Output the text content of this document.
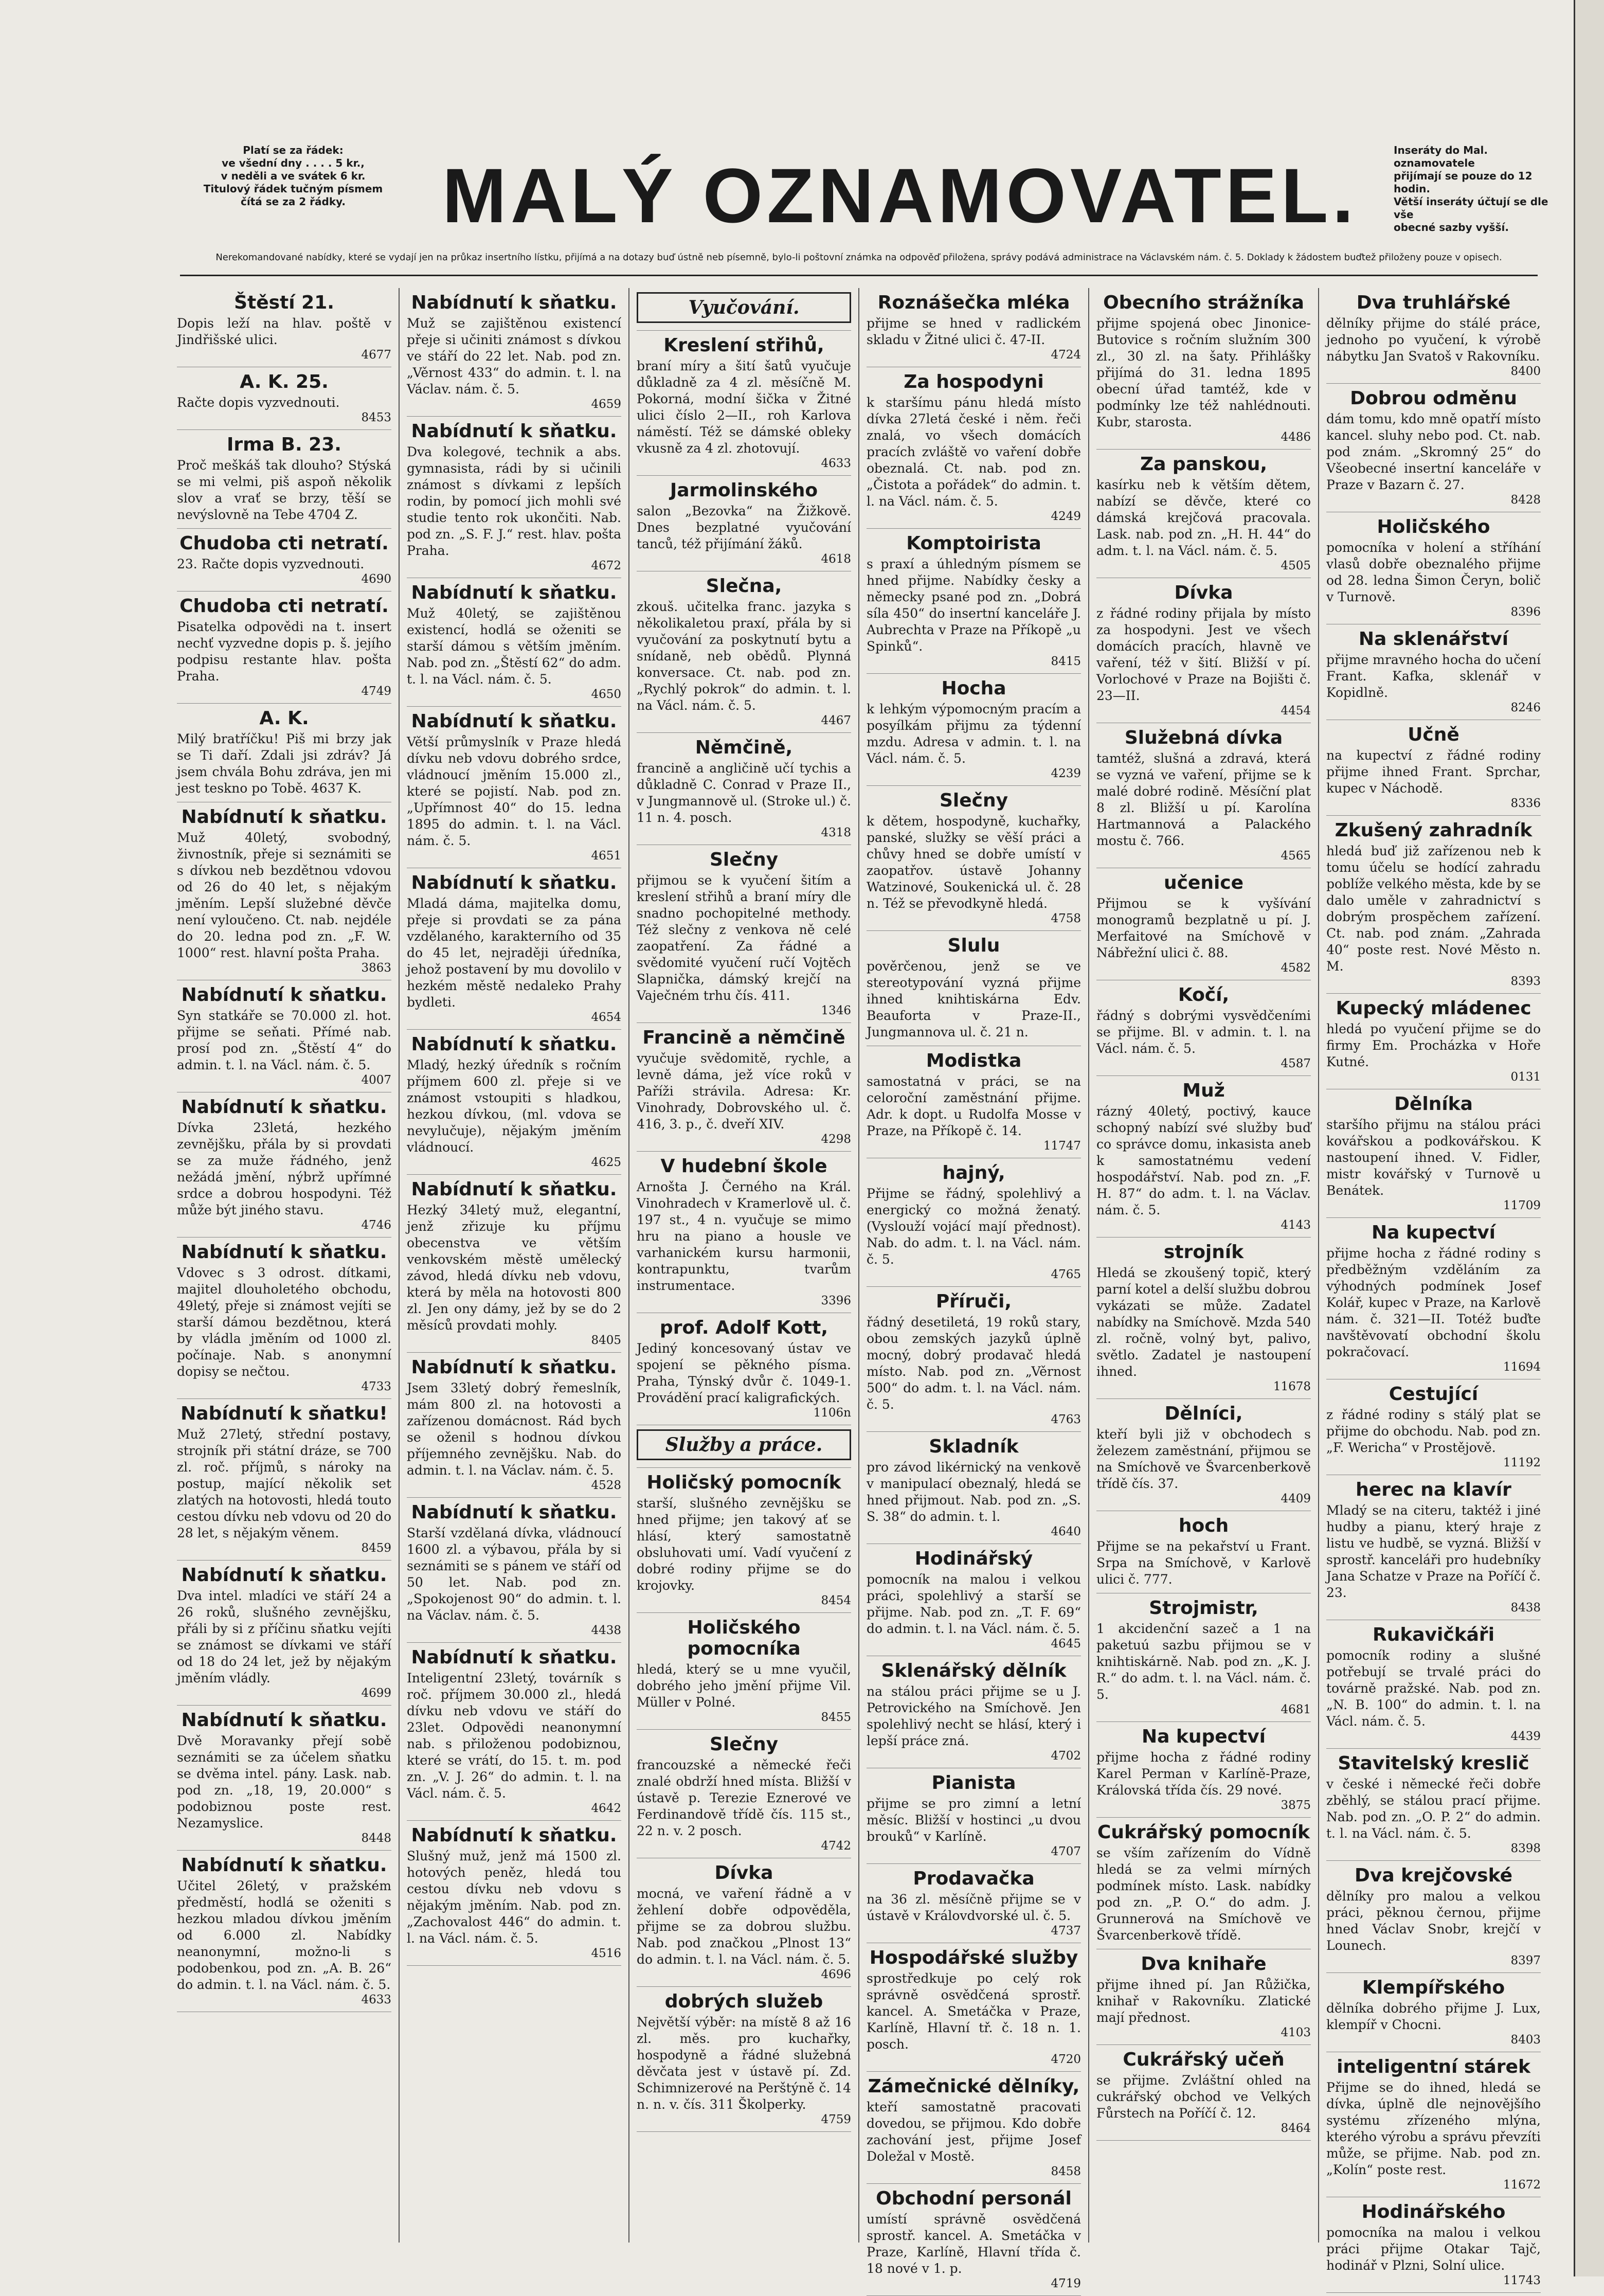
Platí se za řádek:
ve všední dny . . . . 5 kr.,
v neděli a ve svátek 6 kr.
Titulový řádek tučným písmem
čítá se za 2 řádky.	MALÝ OZNAMOVATEL.
Inseráty do Mal. oznamovatele
přijímají se pouze do 12 hodin.
Větší inseráty účtují se dle vše
obecné sazby vyšší.
Nerekomandované nabídky, které se vydají jen na průkaz insertního lístku, přijímá a na dotazy buď ústně neb písemně, bylo-li poštovní známka na odpověď přiložena, správy podává administrace na Václavském nám. č. 5. Doklady k žádostem buďtež přiloženy pouze v opisech.
Štěstí 21.

Dopis leží na hlav. poště v Jindřišské ulici.

4677
A. K. 25.

Račte dopis vyzvednouti.

8453
Irma B. 23.

Proč meškáš tak dlouho? Stýská se mi velmi, piš aspoň několik slov a vrať se brzy, těší se nevýslovně na Tebe 4704 Z.

Chudoba cti netratí.

23. Račte dopis vyzvednouti.

4690
Chudoba cti netratí.

Pisatelka odpovědi na t. insert nechť vyzvedne dopis p. š. jejího podpisu restante hlav. pošta Praha.

4749
A. K.

Milý bratříčku! Piš mi brzy jak se Ti daří. Zdali jsi zdráv? Já jsem chvála Bohu zdráva, jen mi jest teskno po Tobě. 4637 K.

Nabídnutí k sňatku.

Muž 40letý, svobodný, živnostník, přeje si seznámiti se s dívkou neb bezdětnou vdovou od 26 do 40 let, s nějakým jměním. Lepší služebné děvče není vyloučeno. Ct. nab. nejdéle do 20. ledna pod zn. „F. W. 1000“ rest. hlavní pošta Praha.

3863
Nabídnutí k sňatku.

Syn statkáře se 70.000 zl. hot. přijme se seňati. Přímé nab. prosí pod zn. „Štěstí 4“ do admin. t. l. na Václ. nám. č. 5.

4007
Nabídnutí k sňatku.

Dívka 23letá, hezkého zevnějšku, přála by si provdati se za muže řádného, jenž nežádá jmění, nýbrž upřímné srdce a dobrou hospodyni. Též může být jiného stavu.

4746
Nabídnutí k sňatku.

Vdovec s 3 odrost. dítkami, majitel dlouholetého obchodu, 49letý, přeje si známost vejíti se starší dámou bezdětnou, která by vládla jměním od 1000 zl. počínaje. Nab. s anonymní dopisy se nečtou.

4733
Nabídnutí k sňatku!

Muž 27letý, střední postavy, strojník při státní dráze, se 700 zl. roč. příjmů, s nároky na postup, mající několik set zlatých na hotovosti, hledá touto cestou dívku neb vdovu od 20 do 28 let, s nějakým věnem.

8459
Nabídnutí k sňatku.

Dva intel. mladíci ve stáří 24 a 26 roků, slušného zevnějšku, přáli by si z příčinu sňatku vejíti se známost se dívkami ve stáří od 18 do 24 let, jež by nějakým jměním vládly.

4699
Nabídnutí k sňatku.

Dvě Moravanky přejí sobě seznámiti se za účelem sňatku se dvěma intel. pány. Lask. nab. pod zn. „18, 19, 20.000“ s podobiznou poste rest. Nezamyslice.

8448
Nabídnutí k sňatku.

Učitel 26letý, v pražském předměstí, hodlá se oženiti s hezkou mladou dívkou jměním od 6.000 zl. Nabídky neanonymní, možno-li s podobenkou, pod zn. „A. B. 26“ do admin. t. l. na Václ. nám. č. 5.

4633
Nabídnutí k sňatku.

Muž se zajištěnou existencí přeje si učiniti známost s dívkou ve stáří do 22 let. Nab. pod zn. „Věrnost 433“ do admin. t. l. na Václav. nám. č. 5.

4659
Nabídnutí k sňatku.

Dva kolegové, technik a abs. gymnasista, rádi by si učinili známost s dívkami z lepších rodin, by pomocí jich mohli své studie tento rok ukončiti. Nab. pod zn. „S. F. J.“ rest. hlav. pošta Praha.

4672
Nabídnutí k sňatku.

Muž 40letý, se zajištěnou existencí, hodlá se oženiti se starší dámou s větším jměním. Nab. pod zn. „Štěstí 62“ do adm. t. l. na Václ. nám. č. 5.

4650
Nabídnutí k sňatku.

Větší průmyslník v Praze hledá dívku neb vdovu dobrého srdce, vládnoucí jměním 15.000 zl., které se pojistí. Nab. pod zn. „Upřímnost 40“ do 15. ledna 1895 do admin. t. l. na Václ. nám. č. 5.

4651
Nabídnutí k sňatku.

Mladá dáma, majitelka domu, přeje si provdati se za pána vzdělaného, karakterního od 35 do 45 let, nejraději úředníka, jehož postavení by mu dovolilo v hezkém městě nedaleko Prahy bydleti.

4654
Nabídnutí k sňatku.

Mladý, hezký úředník s ročním příjmem 600 zl. přeje si ve známost vstoupiti s hladkou, hezkou dívkou, (ml. vdova se nevylučuje), nějakým jměním vládnoucí.

4625
Nabídnutí k sňatku.

Hezký 34letý muž, elegantní, jenž zřizuje ku příjmu obecenstva ve větším venkovském městě umělecký závod, hledá dívku neb vdovu, která by měla na hotovosti 800 zl. Jen ony dámy, jež by se do 2 měsíců provdati mohly.

8405
Nabídnutí k sňatku.

Jsem 33letý dobrý řemeslník, mám 800 zl. na hotovosti a zařízenou domácnost. Rád bych se oženil s hodnou dívkou příjemného zevnějšku. Nab. do admin. t. l. na Václav. nám. č. 5.

4528
Nabídnutí k sňatku.

Starší vzdělaná dívka, vládnoucí 1600 zl. a výbavou, přála by si seznámiti se s pánem ve stáří od 50 let. Nab. pod zn. „Spokojenost 90“ do admin. t. l. na Václav. nám. č. 5.

4438
Nabídnutí k sňatku.

Inteligentní 23letý, továrník s roč. příjmem 30.000 zl., hledá dívku neb vdovu ve stáří do 23let. Odpovědi neanonymní nab. s přiloženou podobiznou, které se vrátí, do 15. t. m. pod zn. „V. J. 26“ do admin. t. l. na Václ. nám. č. 5.

4642
Nabídnutí k sňatku.

Slušný muž, jenž má 1500 zl. hotových peněz, hledá tou cestou dívku neb vdovu s nějakým jměním. Nab. pod zn. „Zachovalost 446“ do admin. t. l. na Václ. nám. č. 5.

4516
Vyučování.
Kreslení střihů,

braní míry a šití šatů vyučuje důkladně za 4 zl. měsíčně M. Pokorná, modní šička v Žitné ulici číslo 2—II., roh Karlova náměstí. Též se dámské obleky vkusně za 4 zl. zhotovují.

4633
Jarmolinského

salon „Bezovka“ na Žižkově. Dnes bezplatné vyučování tanců, též přijímání žáků.

4618
Slečna,

zkouš. učitelka franc. jazyka s několikaletou praxí, přála by si vyučování za poskytnutí bytu a snídaně, neb obědů. Plynná konversace. Ct. nab. pod zn. „Rychlý pokrok“ do admin. t. l. na Václ. nám. č. 5.

4467
Němčině,

francině a angličině učí tychis a důkladně C. Conrad v Praze II., v Jungmannově ul. (Stroke ul.) č. 11 n. 4. posch.

4318
Slečny

přijmou se k vyučení šitím a kreslení střihů a braní míry dle snadno pochopitelné methody. Též slečny z venkova ně celé zaopatření. Za řádné a svědomité vyučení ručí Vojtěch Slapnička, dámský krejčí na Vaječném trhu čís. 411.

1346
Francině a němčině

vyučuje svědomitě, rychle, a levně dáma, jež více roků v Paříži strávila. Adresa: Kr. Vinohrady, Dobrovského ul. č. 416, 3. p., č. dveří XIV.

4298
V hudební škole

Arnošta J. Černého na Král. Vinohradech v Kramerlově ul. č. 197 st., 4 n. vyučuje se mimo hru na piano a housle ve varhanickém kursu harmonii, kontrapunktu, tvarům instrumentace.

3396
prof. Adolf Kott,

Jediný koncesovaný ústav ve spojení se pěkného písma. Praha, Týnský dvůr č. 1049-1. Provádění prací kaligrafických.

1106n
Služby a práce.
Holičský pomocník

starší, slušného zevnějšku se hned přijme; jen takový ať se hlásí, který samostatně obsluhovati umí. Vadí vyučení z dobré rodiny přijme se do krojovky.

8454
Holičského pomocníka

hledá, který se u mne vyučil, dobrého jeho jmění přijme Vil. Müller v Polné.

8455
Slečny

francouzské a německé řeči znalé obdrží hned místa. Bližší v ústavě p. Terezie Eznerové ve Ferdinandově třídě čís. 115 st., 22 n. v. 2 posch.

4742
Dívka

mocná, ve vaření řádně a v žehlení dobře odpověděla, přijme se za dobrou službu. Nab. pod značkou „Plnost 13“ do admin. t. l. na Václ. nám. č. 5.

4696
dobrých služeb

Největší výběr: na místě 8 až 16 zl. měs. pro kuchařky, hospodyně a řádné služebná děvčata jest v ústavě pí. Zd. Schimnizerové na Perštýně č. 14 n. n. v. čís. 311 Školperky.

4759
Roznášečka mléka

přijme se hned v radlickém skladu v Žitné ulici č. 47-II.

4724
Za hospodyni

k staršímu pánu hledá místo dívka 27letá české i něm. řeči znalá, vo všech domácích pracích zvláště vo vaření dobře obeznalá. Ct. nab. pod zn. „Čistota a pořádek“ do admin. t. l. na Václ. nám. č. 5.

4249
Komptoirista

s praxí a úhledným písmem se hned přijme. Nabídky česky a německy psané pod zn. „Dobrá síla 450“ do insertní kanceláře J. Aubrechta v Praze na Příkopě „u Spinků“.

8415
Hocha

k lehkým výpomocným pracím a posyílkám přijmu za týdenní mzdu. Adresa v admin. t. l. na Václ. nám. č. 5.

4239
Slečny

k dětem, hospodyně, kuchařky, panské, služky se věší práci a chůvy hned se dobře umístí v zaopatřov. ústavě Johanny Watzinové, Soukenická ul. č. 28 n. Též se převodkyně hledá.

4758
Slulu

pověrčenou, jenž se ve stereotypování vyzná přijme ihned knihtiskárna Edv. Beauforta v Praze-II., Jungmannova ul. č. 21 n.

Modistka

samostatná v práci, se na celoroční zaměstnání přijme. Adr. k dopt. u Rudolfa Mosse v Praze, na Příkopě č. 14.

11747
hajný,

Přijme se řádný, spolehlivý a energický co možná ženatý. (Vyslouží vojácí mají přednost). Nab. do adm. t. l. na Václ. nám. č. 5.

4765
Příruči,

řádný desetiletá, 19 roků stary, obou zemských jazyků úplně mocný, dobrý prodavač hledá místo. Nab. pod zn. „Věrnost 500“ do adm. t. l. na Václ. nám. č. 5.

4763
Skladník

pro závod likérnický na venkově v manipulací obeznalý, hledá se hned přijmout. Nab. pod zn. „S. S. 38“ do admin. t. l.

4640
Hodinářský

pomocník na malou i velkou práci, spolehlivý a starší se přijme. Nab. pod zn. „T. F. 69“ do admin. t. l. na Václ. nám. č. 5.

4645
Sklenářský dělník

na stálou práci přijme se u J. Petrovického na Smíchově. Jen spolehlivý necht se hlásí, který i lepší práce zná.

4702
Pianista

přijme se pro zimní a letní měsíc. Bližší v hostinci „u dvou brouků“ v Karlíně.

4707
Prodavačka

na 36 zl. měsíčně přijme se v ústavě v Královdvorské ul. č. 5.

4737
Hospodářské služby

sprostředkuje po celý rok správně osvědčená sprostř. kancel. A. Smetáčka v Praze, Karlíně, Hlavní tř. č. 18 n. 1. posch.

4720
Zámečnické dělníky,

kteří samostatně pracovati dovedou, se přijmou. Kdo dobře zachování jest, přijme Josef Doležal v Mostě.

8458
Obchodní personál

umístí správně osvědčená sprostř. kancel. A. Smetáčka v Praze, Karlíně, Hlavní třída č. 18 nové v 1. p.

4719
Obecního strážníka

přijme spojená obec Jinonice-Butovice s ročním služním 300 zl., 30 zl. na šaty. Přihlášky přijímá do 31. ledna 1895 obecní úřad tamtéž, kde v podmínky lze též nahlédnouti. Kubr, starosta.

4486
Za panskou,

kasírku neb k větším dětem, nabízí se děvče, které co dámská krejčová pracovala. Lask. nab. pod zn. „H. H. 44“ do adm. t. l. na Václ. nám. č. 5.

4505
Dívka

z řádné rodiny přijala by místo za hospodyni. Jest ve všech domácích pracích, hlavně ve vaření, též v šití. Bližší v pí. Vorlochové v Praze na Bojišti č. 23—II.

4454
Služebná dívka

tamtéž, slušná a zdravá, která se vyzná ve vaření, přijme se k malé dobré rodině. Měsíční plat 8 zl. Bližší u pí. Karolína Hartmannová a Palackého mostu č. 766.

4565
učenice

Přijmou se k vyšívání monogramů bezplatně u pí. J. Merfaitové na Smíchově v Nábřežní ulici č. 88.

4582
Kočí,

řádný s dobrými vysvědčeními se přijme. Bl. v admin. t. l. na Václ. nám. č. 5.

4587
Muž

rázný 40letý, poctivý, kauce schopný nabízí své služby buď co správce domu, inkasista aneb k samostatnému vedení hospodářství. Nab. pod zn. „F. H. 87“ do adm. t. l. na Václav. nám. č. 5.

4143
strojník

Hledá se zkoušený topič, který parní kotel a delší službu dobrou vykázati se může. Zadatel nabídky na Smíchově. Mzda 540 zl. ročně, volný byt, palivo, světlo. Zadatel je nastoupení ihned.

11678
Dělníci,

kteří byli již v obchodech s železem zaměstnání, přijmou se na Smíchově ve Švarcenberkově třídě čís. 37.

4409
hoch

Přijme se na pekařství u Frant. Srpa na Smíchově, v Karlově ulici č. 777.

Strojmistr,

1 akcidenční sazeč a 1 na paketuú sazbu přijmou se v knihtiskárně. Nab. pod zn. „K. J. R.“ do adm. t. l. na Václ. nám. č. 5.

4681
Na kupectví

přijme hocha z řádné rodiny Karel Perman v Karlíně-Praze, Královská třída čís. 29 nové.

3875
Cukrářský pomocník

se vším zařízením do Vídně hledá se za velmi mírných podmínek místo. Lask. nabídky pod zn. „P. O.“ do adm. J. Grunnerová na Smíchově ve Švarcenberkově třídě.

Dva knihaře

přijme ihned pí. Jan Růžička, knihař v Rakovníku. Zlatické mají přednost.

4103
Cukrářský učeň

se přijme. Zvláštní ohled na cukrářský obchod ve Velkých Fůrstech na Poříčí č. 12.

8464
Dva truhlářské

dělníky přijme do stálé práce, jednoho po vyučení, k výrobě nábytku Jan Svatoš v Rakovníku.

8400
Dobrou odměnu

dám tomu, kdo mně opatří místo kancel. sluhy nebo pod. Ct. nab. pod znám. „Skromný 25“ do Všeobecné insertní kanceláře v Praze v Bazarn č. 27.

8428
Holičského

pomocníka v holení a stříhání vlasů dobře obeznalého přijme od 28. ledna Šimon Čeryn, bolič v Turnově.

8396
Na sklenářství

přijme mravného hocha do učení Frant. Kafka, sklenář v Kopidlně.

8246
Učně

na kupectví z řádné rodiny přijme ihned Frant. Sprchar, kupec v Náchodě.

8336
Zkušený zahradník

hledá buď již zařízenou neb k tomu účelu se hodící zahradu poblíže velkého města, kde by se dalo uměle v zahradnictví s dobrým prospěchem zařízení. Ct. nab. pod znám. „Zahrada 40“ poste rest. Nové Město n. M.

8393
Kupecký mládenec

hledá po vyučení přijme se do firmy Em. Procházka v Hoře Kutné.

0131
Dělníka

staršího přijmu na stálou práci kovářskou a podkovářskou. K nastoupení ihned. V. Fidler, mistr kovářský v Turnově u Benátek.

11709
Na kupectví

přijme hocha z řádné rodiny s předběžným vzděláním za výhodných podmínek Josef Kolář, kupec v Praze, na Karlově nám. č. 321—II. Totéž buďte navštěvovatí obchodní školu pokračovací.

11694
Cestující

z řádné rodiny s stálý plat se přijme do obchodu. Nab. pod zn. „F. Wericha“ v Prostějově.

11192
herec na klavír

Mladý se na citeru, taktéž i jiné hudby a pianu, který hraje z listu ve hudbě, se vyzná. Bližší v sprostř. kanceláři pro hudebníky Jana Schatze v Praze na Poříčí č. 23.

8438
Rukavičkáři

pomocník rodiny a slušné potřebují se trvalé práci do továrně pražské. Nab. pod zn. „N. B. 100“ do admin. t. l. na Václ. nám. č. 5.

4439
Stavitelský kreslič

v české i německé řeči dobře zběhlý, se stálou prací přijme. Nab. pod zn. „O. P. 2“ do admin. t. l. na Václ. nám. č. 5.

8398
Dva krejčovské

dělníky pro malou a velkou práci, pěknou černou, přijme hned Václav Snobr, krejčí v Lounech.

8397
Klempířského

dělníka dobrého přijme J. Lux, klempíř v Chocni.

8403
inteligentní stárek

Přijme se do ihned, hledá se dívka, úplně dle nejnovějšího systému zřízeného mlýna, kterého výrobu a správu převzíti může, se přijme. Nab. pod zn. „Kolín“ poste rest.

11672
Hodinářského

pomocníka na malou i velkou práci přijme Otakar Tajč, hodinář v Plzni, Solní ulice.

11743
